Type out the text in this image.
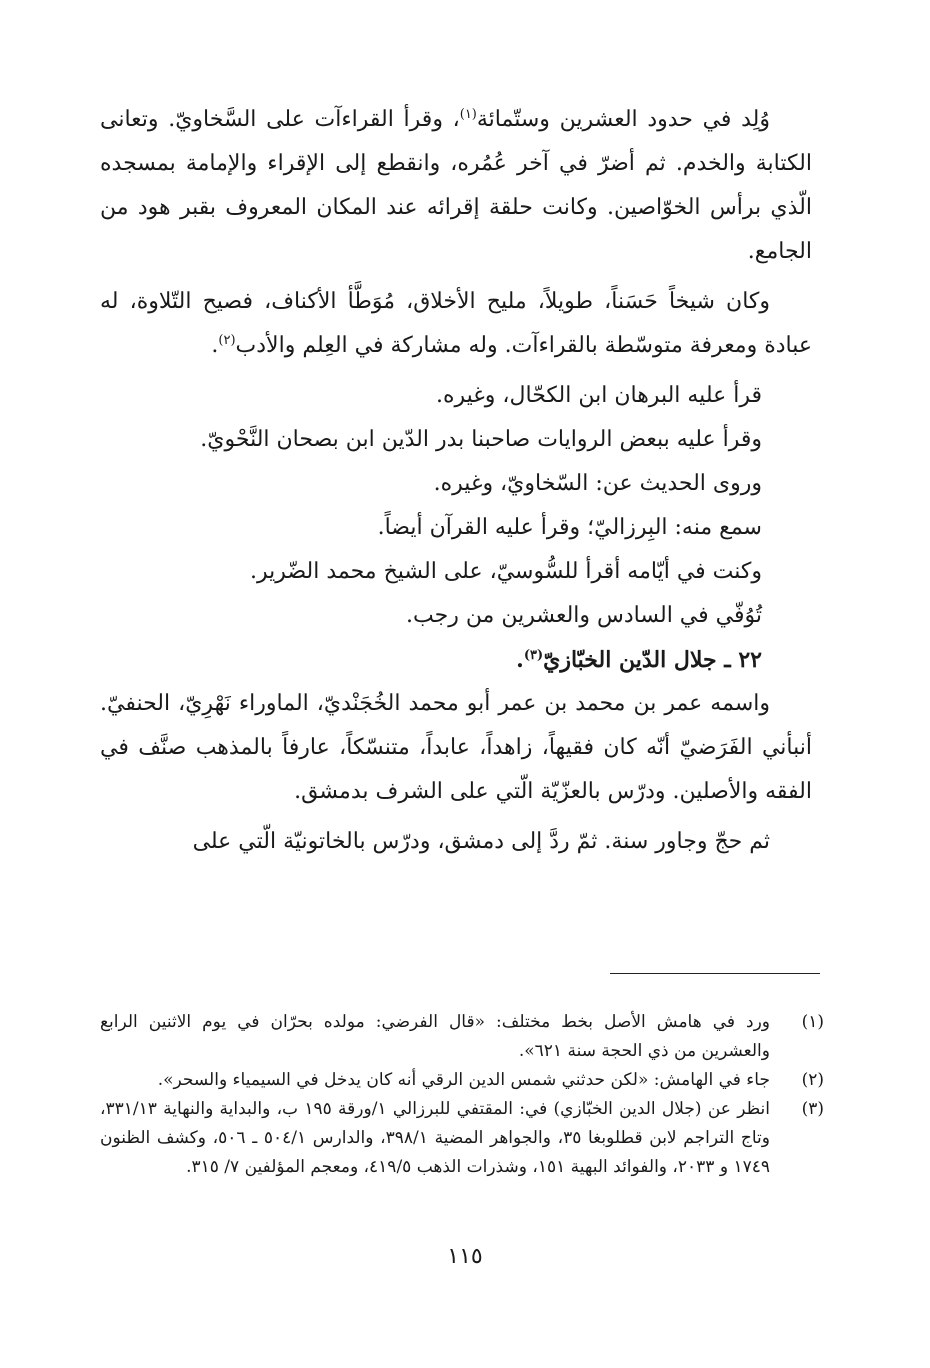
وُلِد في حدود العشرين وستّمائة$^{(١)}$، وقرأ القراءآت على السَّخاويّ. وتعانى الكتابة والخدم. ثم أضرّ في آخر عُمُره، وانقطع إلى الإقراء والإمامة بمسجده الّذي برأس الخوّاصين. وكانت حلقة إقرائه عند المكان المعروف بقبر هود من الجامع.

وكان شيخاً حَسَناً، طويلاً، مليح الأخلاق، مُوَطَّأ الأكناف، فصيح التّلاوة، له عبادة ومعرفة متوسّطة بالقراءآت. وله مشاركة في العِلم والأدب$^{(٢)}$.

قرأ عليه البرهان ابن الكحّال، وغيره.

وقرأ عليه ببعض الروايات صاحبنا بدر الدّين ابن بصحان النَّحْويّ.

وروى الحديث عن: السّخاويّ، وغيره.

سمع منه: البِرزاليّ؛ وقرأ عليه القرآن أيضاً.

وكنت في أيّامه أقرأ للسُّوسيّ، على الشيخ محمد الضّرير.

تُوُفّي في السادس والعشرين من رجب.

٢٢ ـ جلال الدّين الخبّازيّ$^{(٣)}$.

واسمه عمر بن محمد بن عمر أبو محمد الخُجَنْديّ، الماوراء نَهْرِيّ، الحنفيّ. أنبأني الفَرَضيّ أنّه كان فقيهاً، زاهداً، عابداً، متنسّكاً، عارفاً بالمذهب صنَّف في الفقه والأصلين. ودرّس بالعزّيّة الّتي على الشرف بدمشق.

ثم حجّ وجاور سنة. ثمّ ردَّ إلى دمشق، ودرّس بالخاتونيّة الّتي على

(١)
ورد في هامش الأصل بخط مختلف: «قال الفرضي: مولده بحرّان في يوم الاثنين الرابع والعشرين من ذي الحجة سنة ٦٢١».
(٢)
جاء في الهامش: «لكن حدثني شمس الدين الرقي أنه كان يدخل في السيمياء والسحر».
(٣)
انظر عن (جلال الدين الخبّازي) في: المقتفي للبرزالي ١/ورقة ١٩٥ ب، والبداية والنهاية ٣٣١/١٣، وتاج التراجم لابن قطلوبغا ٣٥، والجواهر المضية ٣٩٨/١، والدارس ٥٠٤/١ ـ ٥٠٦، وكشف الظنون ١٧٤٩ و ٢٠٣٣، والفوائد البهية ١٥١، وشذرات الذهب ٤١٩/٥، ومعجم المؤلفين ٧/ ٣١٥.
١١٥
